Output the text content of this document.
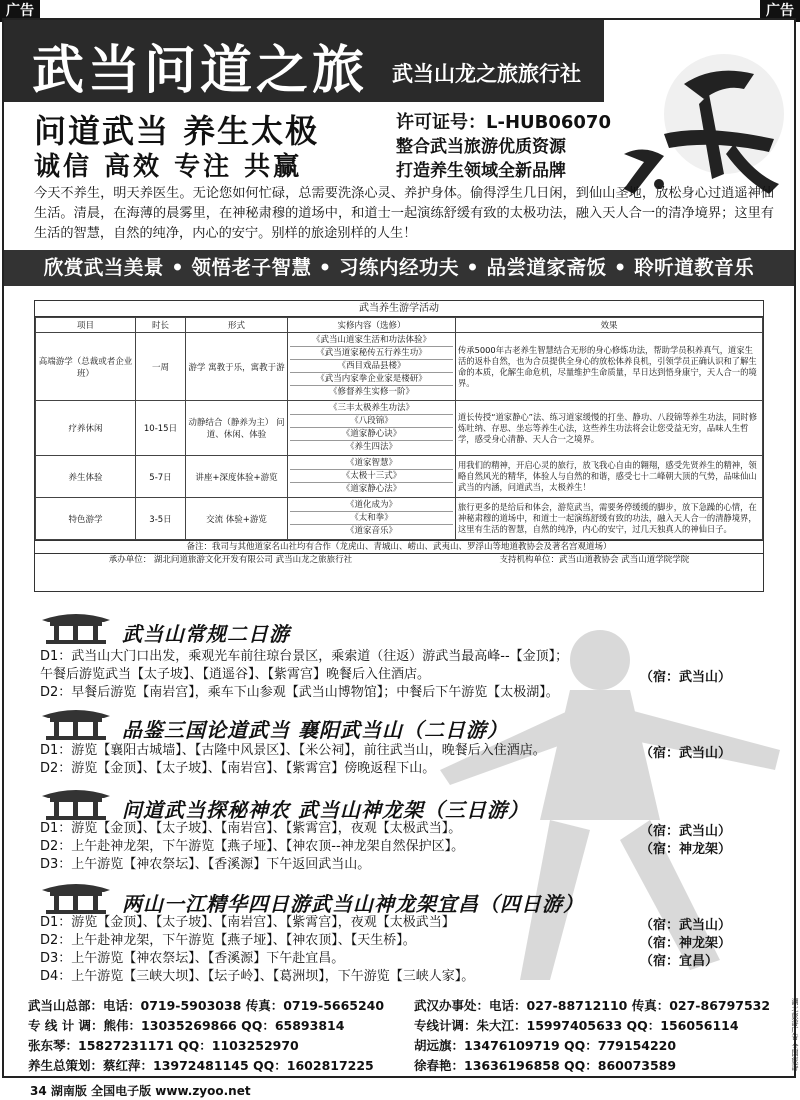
广告	广告
武当问道之旅 武当山龙之旅旅行社
问道武当 养生太极
诚信 高效 专注 共赢
许可证号：L-HUB06070
整合武当旅游优质资源
打造养生领域全新品牌
今天不养生，明天养医生。无论您如何忙碌，总需要洗涤心灵、养护身体。偷得浮生几日闲，到仙山圣地，放松身心过逍遥神仙生活。清晨，在海薄的晨雾里，在神秘肃穆的道场中，和道士一起演练舒缓有致的太极功法，融入天人合一的清净境界；这里有生活的智慧，自然的纯净，内心的安宁。别样的旅途别样的人生！
欣赏武当美景 • 领悟老子智慧 • 习练内经功夫 • 品尝道家斋饭 • 聆听道教音乐
武当养生游学活动
项目	时长	形式	实修内容（选修）	效果
高端游学（总裁或者企业班）	一周	游学 寓教于乐，寓教于游	《武当山道家生活和功法体验》
《武当道家秘传五行养生功》
《西目戏品县楼》
《武当内家拳企业家是楼研》
《修督养生实修一阶》	传承5000年古老养生智慧结合无形的身心修炼功法，帮助学员积养真气，道家生活的返朴自然，也为合员提供全身心的放松体养良机，引领学员正确认识和了解生命的本质，化解生命危机，尽量维护生命质量，早日达到悟身康宁，天人合一的境界。
疗养休闲	10-15日	动静结合（静养为主） 问道、休闲、体验	《三丰太极养生功法》
《八段锦》
《道家静心诀》
《养生四法》	道长传授“道家静心”法、练习道家缓慢的打坐、静功、八段锦等养生功法，同时修炼吐纳、存思、坐忘等养生心法，这些养生功法将会让您受益无穷，品味人生哲学，感受身心清静、天人合一之境界。
养生体验	5-7日	讲座+深度体验+游览	《道家智慧》
《太极十三式》
《道家静心法》	用我们的精神，开启心灵的旅行，放飞我心自由的翱翔，感受先贤养生的精神，领略自然风光的精华，体验人与自然的和谐，感受七十二峰朝大顶的气势，品味仙山武当的内涵，问道武当，太极养生！
特色游学	3-5日	交流 体验+游览	《道化成为》
《太和拳》
《道家音乐》	旅行更多的是给后和体会，游览武当，需要务停缓缓的脚步，放下急躁的心情，在神秘肃穆的道场中，和道士一起演练舒缓有致的功法，融入天人合一的清静境界，这里有生活的智慧，自然的纯净，内心的安宁，过几天独真人的神仙日子。
备注：我司与其他道家名山社均有合作（龙虎山、青城山、崂山、武夷山、罗浮山等地道教协会及著名宫观道场）
承办单位： 湖北问道旅游文化开发有限公司 武当山龙之旅旅行社	支持机构单位：武当山道教协会 武当山道学院学院
武当山常规二日游
D1：武当山大门口出发，乘观光车前往琼台景区，乘索道（往返）游武当最高峰--【金顶】；
午餐后游览武当【太子坡】、【逍遥谷】、【紫霄宫】晚餐后入住酒店。	（宿：武当山）
D2：早餐后游览【南岩宫】，乘车下山参观【武当山博物馆】；中餐后下午游览【太极湖】。
品鉴三国论道武当 襄阳武当山（二日游）
D1：游览【襄阳古城墙】、【古隆中风景区】、【米公祠】，前往武当山，晚餐后入住酒店。	（宿：武当山）
D2：游览【金顶】、【太子坡】、【南岩宫】、【紫霄宫】傍晚返程下山。
问道武当探秘神农 武当山神龙架（三日游）
D1：游览【金顶】、【太子坡】、【南岩宫】、【紫霄宫】，夜观【太极武当】。	（宿：武当山）
D2：上午赴神龙架，下午游览【燕子垭】、【神农顶--神龙架自然保护区】。	（宿：神龙架）
D3：上午游览【神农祭坛】、【香溪源】下午返回武当山。
两山一江精华四日游武当山神龙架宜昌（四日游）
D1：游览【金顶】、【太子坡】、【南岩宫】、【紫霄宫】，夜观【太极武当】	（宿：武当山）
D2：上午赴神龙架，下午游览【燕子垭】、【神农顶】、【天生桥】。	（宿：神龙架）
D3：上午游览【神农祭坛】、【香溪源】下午赴宜昌。	（宿：宜昌）
D4：上午游览【三峡大坝】、【坛子岭】、【葛洲坝】，下午游览【三峡人家】。
武当山总部：电话：0719-5903038 传真：0719-5665240 武汉办事处：电话：027-88712110 传真：027-86797532
专 线 计 调：熊伟：13035269866 QQ：65893814	专线计调：朱大江：15997405633 QQ：156056114
张东琴：15827231171 QQ：1103252970	胡远旗：13476109719 QQ：779154220
养生总策划：蔡红萍：13972481145 QQ：1602817225	徐春艳：13636196858 QQ：860073589	湖北旅游广告 全国旅游
34 湖南版 全国电子版 www.zyoo.net
